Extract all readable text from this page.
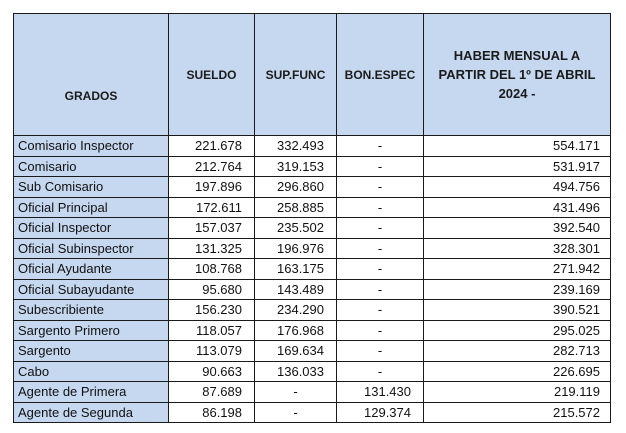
GRADOS	SUELDO	SUP.FUNC	BON.ESPEC	HABER MENSUAL A
PARTIR DEL 1º DE ABRIL
2024 -

Comisario Inspector	221.678	332.493	-	554.171
Comisario	212.764	319.153	-	531.917
Sub Comisario	197.896	296.860	-	494.756
Oficial Principal	172.611	258.885	-	431.496
Oficial Inspector	157.037	235.502	-	392.540
Oficial Subinspector	131.325	196.976	-	328.301
Oficial Ayudante	108.768	163.175	-	271.942
Oficial Subayudante	95.680	143.489	-	239.169
Subescribiente	156.230	234.290	-	390.521
Sargento Primero	118.057	176.968	-	295.025
Sargento	113.079	169.634	-	282.713
Cabo	90.663	136.033	-	226.695
Agente de Primera	87.689	-	131.430	219.119
Agente de Segunda	86.198	-	129.374	215.572
